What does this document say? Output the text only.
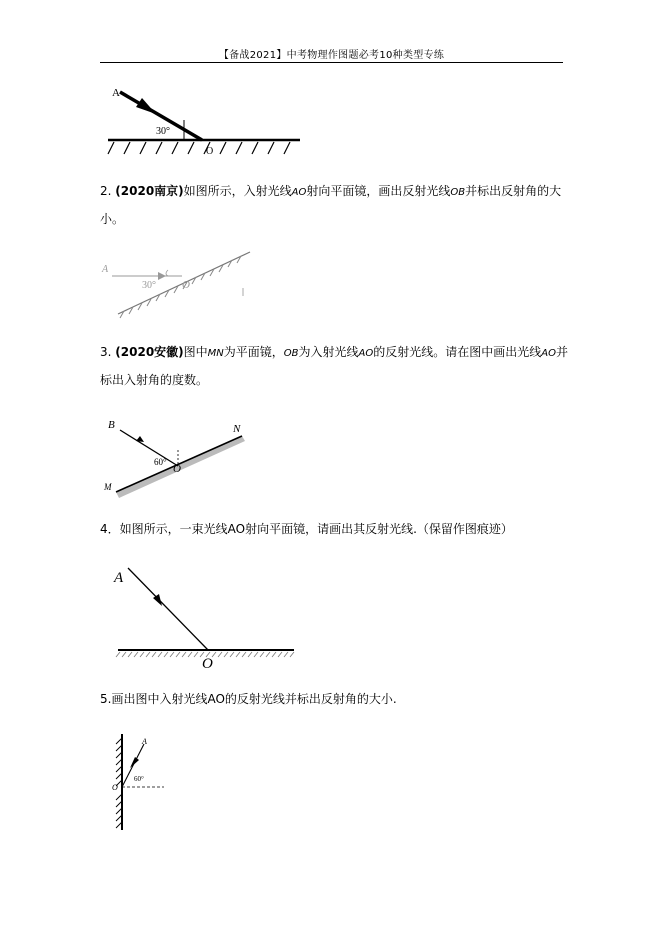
【备战2021】中考物理作图题必考10种类型专练
A
30°
O
2. (2020南京)如图所示，入射光线AO射向平面镜，画出反射光线OB并标出反射角的大小。
A
30° O
3. (2020安徽)图中MN为平面镜，OB为入射光线AO的反射光线。请在图中画出光线AO并标出入射角的度数。
B	N
M
60°
O
4．如图所示，一束光线AO射向平面镜，请画出其反射光线.（保留作图痕迹）
A
O
5.画出图中入射光线AO的反射光线并标出反射角的大小.
A
60°
O
